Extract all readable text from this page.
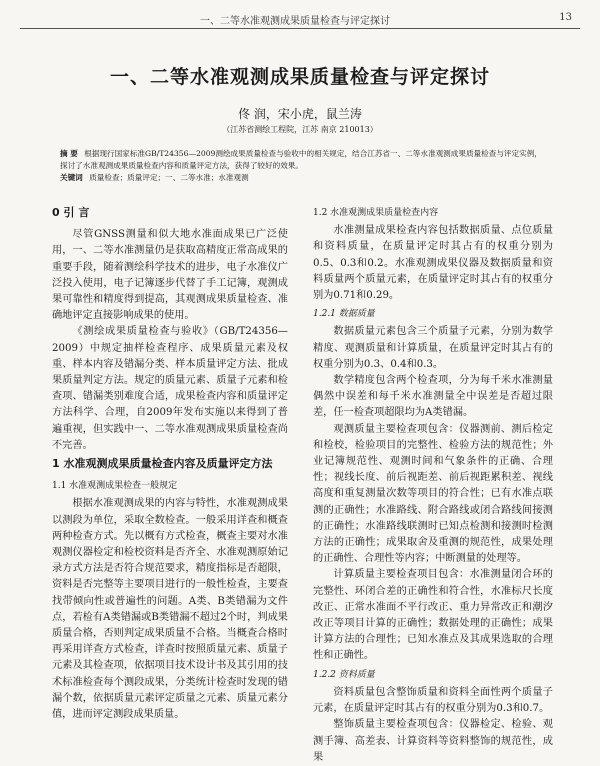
一、二等水准观测成果质量检查与评定探讨	13
一、二等水准观测成果质量检查与评定探讨
佟 润，宋小虎，鼠兰涛
（江苏省测绘工程院，江苏 南京 210013）
摘 要 根据现行国家标准GB/T24356—2009测绘成果质量检查与验收中的相关规定，结合江苏省一、二等水准观测成果质量检查与评定实例，探讨了水准观测成果质量检查内容和质量评定方法，获得了较好的效果。
关键词 质量检查；质量评定；一、二等水准；水准观测
0 引 言

尽管GNSS测量和似大地水准面成果已广泛使用，一、二等水准测量仍是获取高精度正常高成果的重要手段，随着测绘科学技术的进步，电子水准仪广泛投入使用，电子记簿逐步代替了手工记簿，观测成果可靠性和精度得到提高，其观测成果质量检查、准确地评定直接影响成果的使用。

《测绘成果质量检查与验收》（GB/T24356—2009）中规定抽样检查程序、成果质量元素及权重、样本内容及错漏分类、样本质量评定方法、批成果质量判定方法。规定的质量元素、质量子元素和检查项、错漏类别难度合适，成果检查内容和质量评定方法科学、合理，自2009年发布实施以来得到了普遍重视，但实践中一、二等水准观测成果质量检查尚不完善。

1 水准观测成果质量检查内容及质量评定方法
1.1 水准观测成果检查一般规定

根据水准观测成果的内容与特性，水准观测成果以测段为单位，采取全数检查。一般采用详查和概查两种检查方式。先以概有方式检查，概查主要对水准观测仪器检定和检校资料是否齐全、水准观测原始记录方式方法是否符合规范要求，精度指标是否超限，资料是否完整等主要项目进行的一般性检查，主要查找带倾向性或普遍性的问题。A类、B类错漏为文件点，若检有A类错漏或B类错漏不超过2个时，判成果质量合格，否则判定成果质量不合格。当概查合格时再采用详查方式检查，详查时按照质量元素、质量子元素及其检查项，依据项目技术设计书及其引用的技术标准检查每个测段成果，分类统计检查时发现的错漏个数，依据质量元素评定质量之元素、质量元素分值，进而评定测段成果质量。

1.2 水准观测成果质量检查内容

水准测量成果检查内容包括数据质量、点位质量和资料质量，在质量评定时其占有的权重分别为0.5、0.3和0.2。水准观测成果仪器及数据质量和资料质量两个质量元素，在质量评定时其占有的权重分别为0.71和0.29。

1.2.1 数据质量

数据质量元素包含三个质量子元素，分别为数学精度、观测质量和计算质量，在质量评定时其占有的权重分别为0.3、0.4和0.3。

数学精度包含两个检查项，分为每千米水准测量偶然中误差和每千米水准测量全中误差是否超过限差，任一检查项超限均为A类错漏。

观测质量主要检查项包含：仪器测前、测后检定和检校，检验项目的完整性、检验方法的规范性；外业记簿规范性、观测时间和气象条件的正确、合理性；视线长度、前后视距差、前后视距累积差、视线高度和重复测量次数等项目的符合性；已有水准点联测的正确性；水准路线、附合路线或闭合路线间接测的正确性；水准路线联测时已知点检测和接测时检测方法的正确性；成果取舍及重测的规范性，成果处理的正确性、合理性等内容；中断测量的处理等。

计算质量主要检查项目包含：水准测量闭合环的完整性、环闭合差的正确性和符合性，水准标尺长度改正、正常水准面不平行改正、重力异常改正和潮汐改正等项目计算的正确性；数据处理的正确性；成果计算方法的合理性；已知水准点及其成果选取的合理性和正确性。

1.2.2 资料质量

资料质量包含整饰质量和资料全面性两个质量子元素，在质量评定时其占有的权重分别为0.3和0.7。

整饰质量主要检查项包含：仪器检定、检验、观测手簿、高差表、计算资料等资料整饰的规范性，成果
